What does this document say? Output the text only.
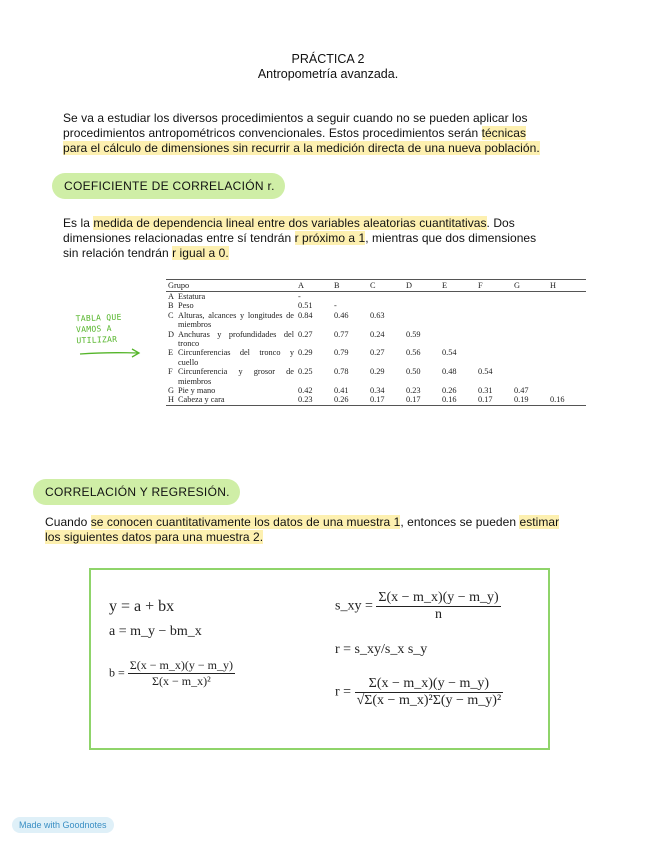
PRÁCTICA 2
Antropometría avanzada.
Se va a estudiar los diversos procedimientos a seguir cuando no se pueden aplicar los
procedimientos antropométricos convencionales. Estos procedimientos serán técnicas
para el cálculo de dimensiones sin recurrir a la medición directa de una nueva población.
COEFICIENTE DE CORRELACIÓN r.
Es la medida de dependencia lineal entre dos variables aleatorias cuantitativas. Dos
dimensiones relacionadas entre sí tendrán r próximo a 1, mientras que dos dimensiones
sin relación tendrán r igual a 0.
TABLA QUE
VAMOS A
UTILIZAR
Grupo		A	B	C	D	E	F	G	H
A	Estatura	-							
B	Peso	0.51	-						
C	Alturas, alcances y longitudes de miembros	0.84	0.46	0.63					
D	Anchuras y profundidades del tronco	0.27	0.77	0.24	0.59				
E	Circunferencias del tronco y cuello	0.29	0.79	0.27	0.56	0.54			
F	Circunferencia y grosor de miembros	0.25	0.78	0.29	0.50	0.48	0.54		
G	Pie y mano	0.42	0.41	0.34	0.23	0.26	0.31	0.47	
H	Cabeza y cara	0.23	0.26	0.17	0.17	0.16	0.17	0.19	0.16
CORRELACIÓN Y REGRESIÓN.
Cuando se conocen cuantitativamente los datos de una muestra 1, entonces se pueden estimar
los siguientes datos para una muestra 2.
y = a + bx
a = m_y − bm_x
$b = \frac{\Sigma(x - m\_x)(y - m\_y)}{\text{Σ(x − m\_x)²}}$
s_xy = $\frac{\Sigma(x - m\_x)(y - m\_y)}{n}$
r = s_xy/s_x s_y
$r = \frac{\Sigma(x - m\_x)(y - m\_y)}{\text{√Σ(x − m\_x)²Σ(y − m\_y)²}}$
Made with Goodnotes
